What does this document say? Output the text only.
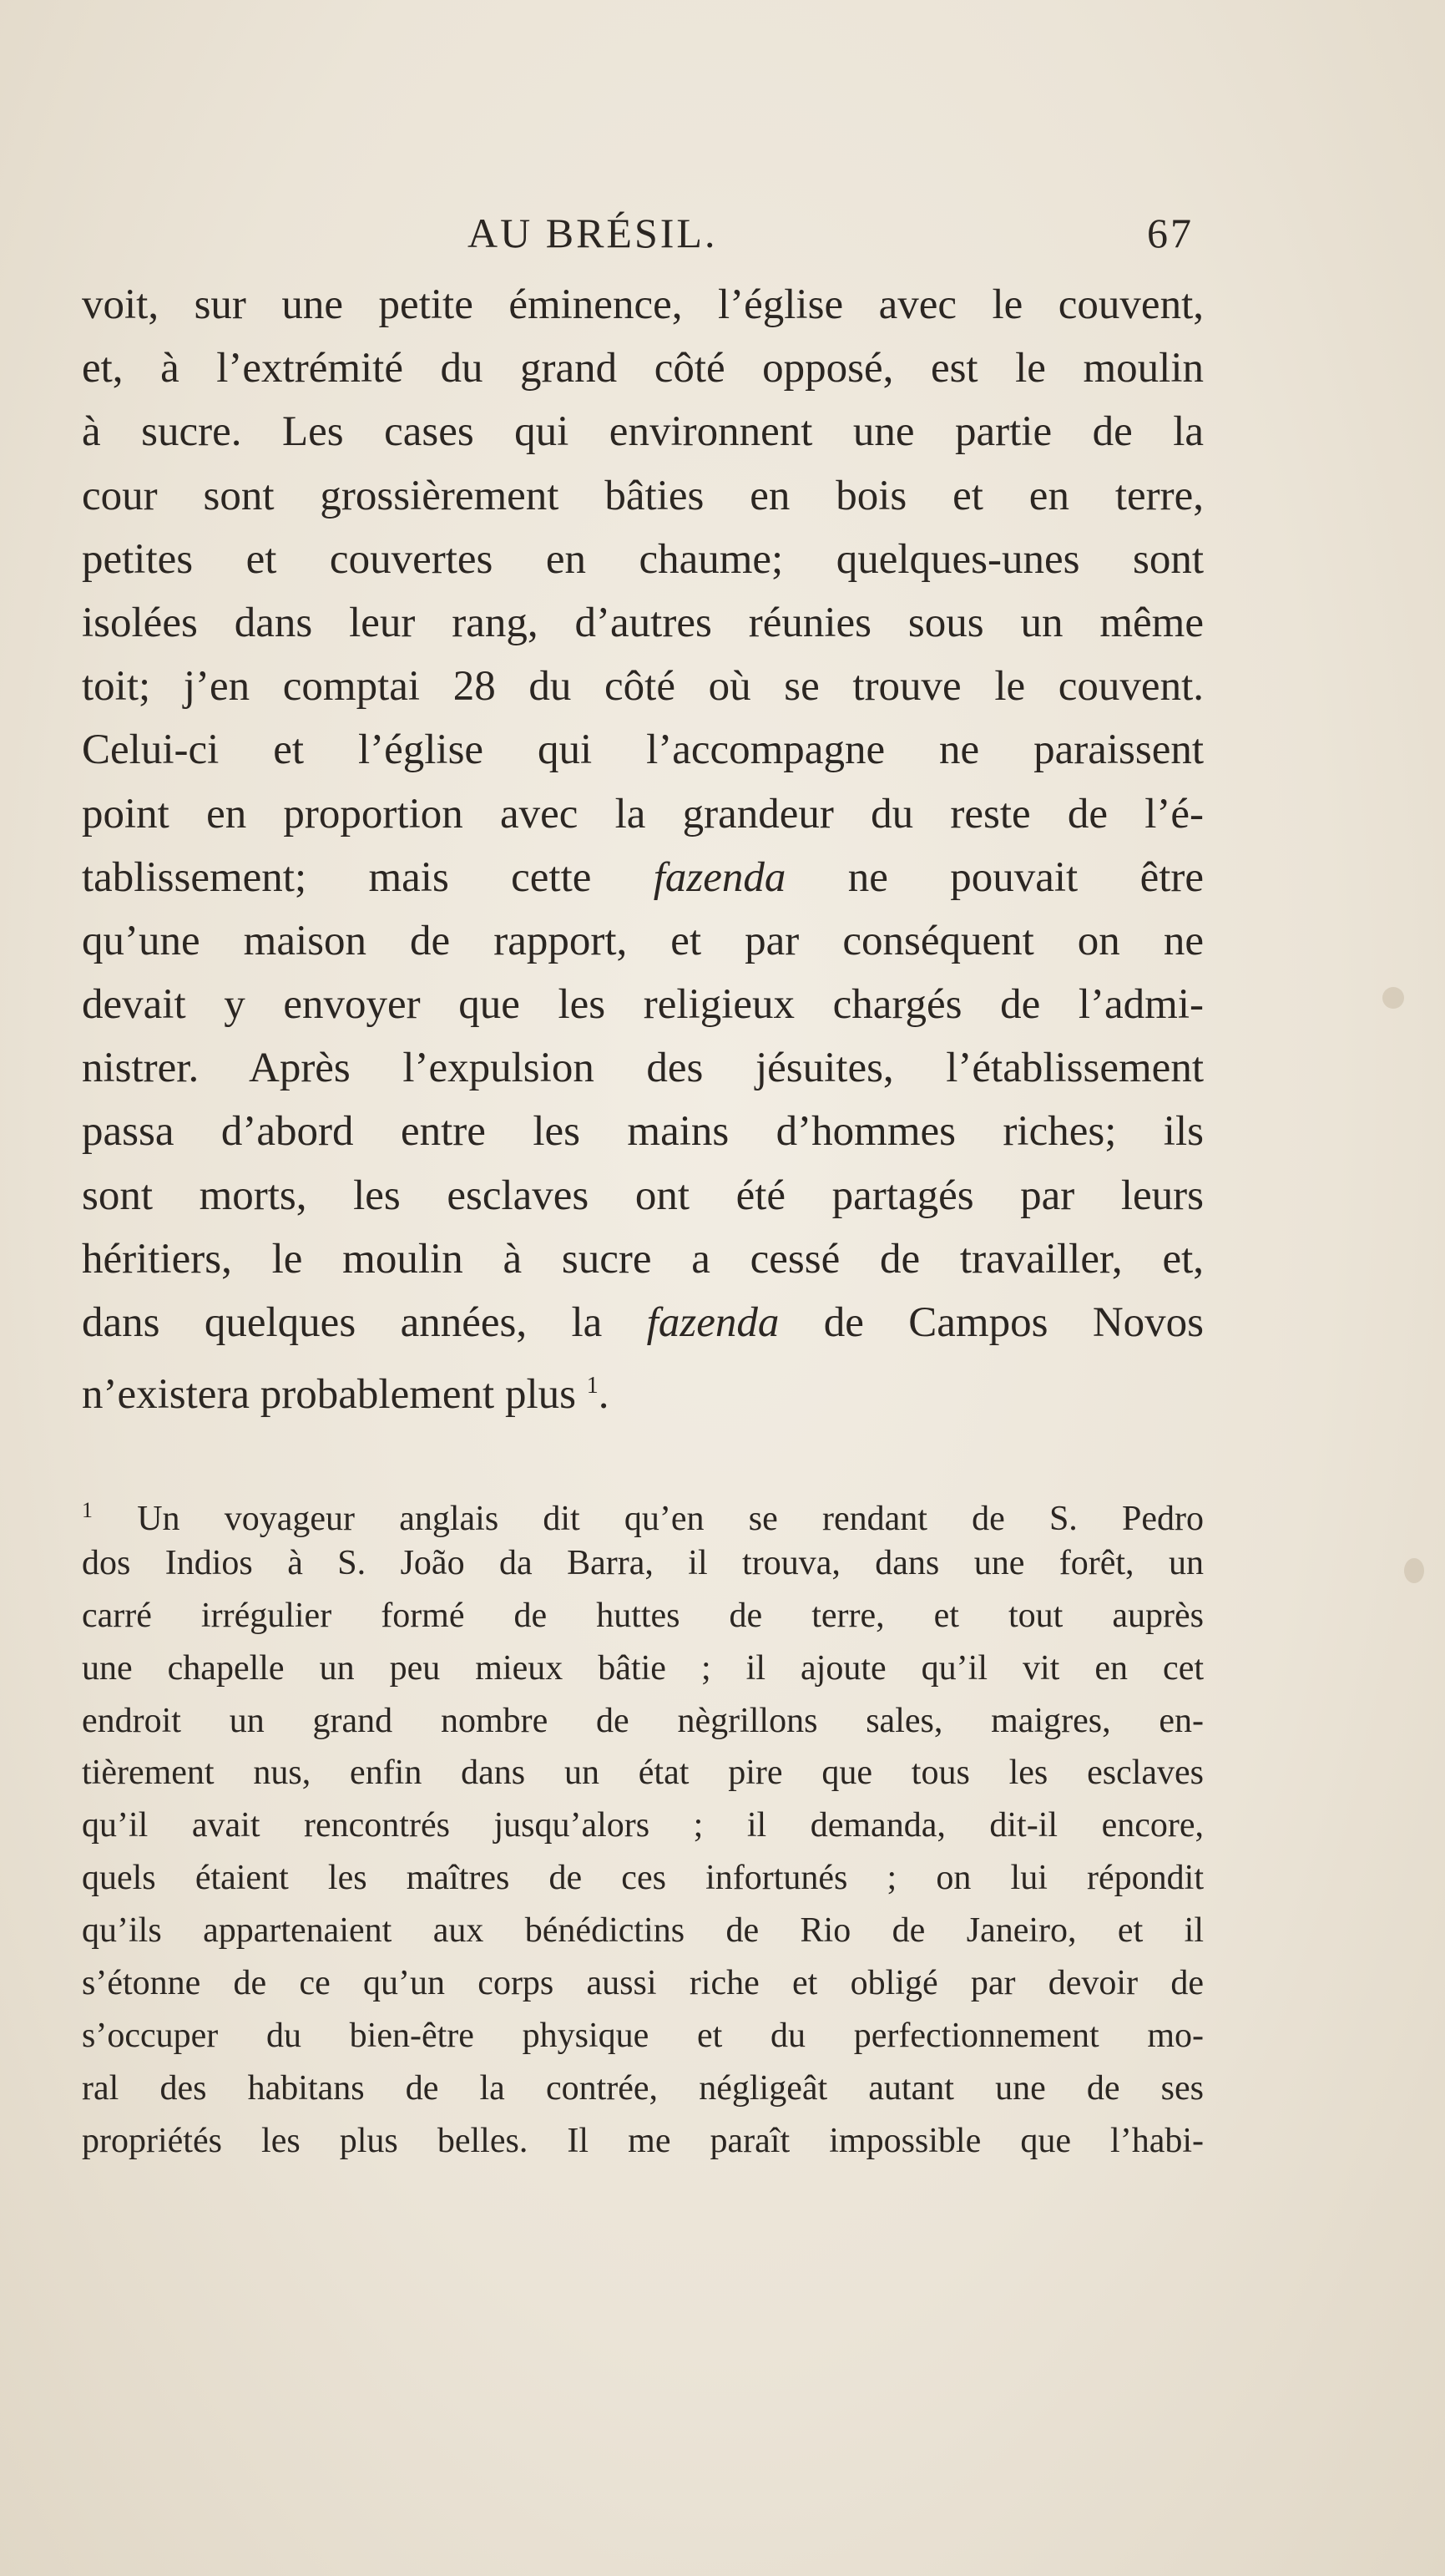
AU BRÉSIL.	67
voit, sur une petite éminence, l’église avec le couvent,
et, à l’extrémité du grand côté opposé, est le moulin
à sucre. Les cases qui environnent une partie de la
cour sont grossièrement bâties en bois et en terre,
petites et couvertes en chaume; quelques-unes sont
isolées dans leur rang, d’autres réunies sous un même
toit; j’en comptai 28 du côté où se trouve le couvent.
Celui-ci et l’église qui l’accompagne ne paraissent
point en proportion avec la grandeur du reste de l’é-
tablissement; mais cette fazenda ne pouvait être
qu’une maison de rapport, et par conséquent on ne
devait y envoyer que les religieux chargés de l’admi-
nistrer. Après l’expulsion des jésuites, l’établissement
passa d’abord entre les mains d’hommes riches; ils
sont morts, les esclaves ont été partagés par leurs
héritiers, le moulin à sucre a cessé de travailler, et,
dans quelques années, la fazenda de Campos Novos
n’existera probablement plus $^1$.
$^1$ Un voyageur anglais dit qu’en se rendant de S. Pedro
dos Indios à S. João da Barra, il trouva, dans une forêt, un
carré irrégulier formé de huttes de terre, et tout auprès
une chapelle un peu mieux bâtie ; il ajoute qu’il vit en cet
endroit un grand nombre de nègrillons sales, maigres, en-
tièrement nus, enfin dans un état pire que tous les esclaves
qu’il avait rencontrés jusqu’alors ; il demanda, dit-il encore,
quels étaient les maîtres de ces infortunés ; on lui répondit
qu’ils appartenaient aux bénédictins de Rio de Janeiro, et il
s’étonne de ce qu’un corps aussi riche et obligé par devoir de
s’occuper du bien-être physique et du perfectionnement mo-
ral des habitans de la contrée, négligeât autant une de ses
propriétés les plus belles. Il me paraît impossible que l’habi-
